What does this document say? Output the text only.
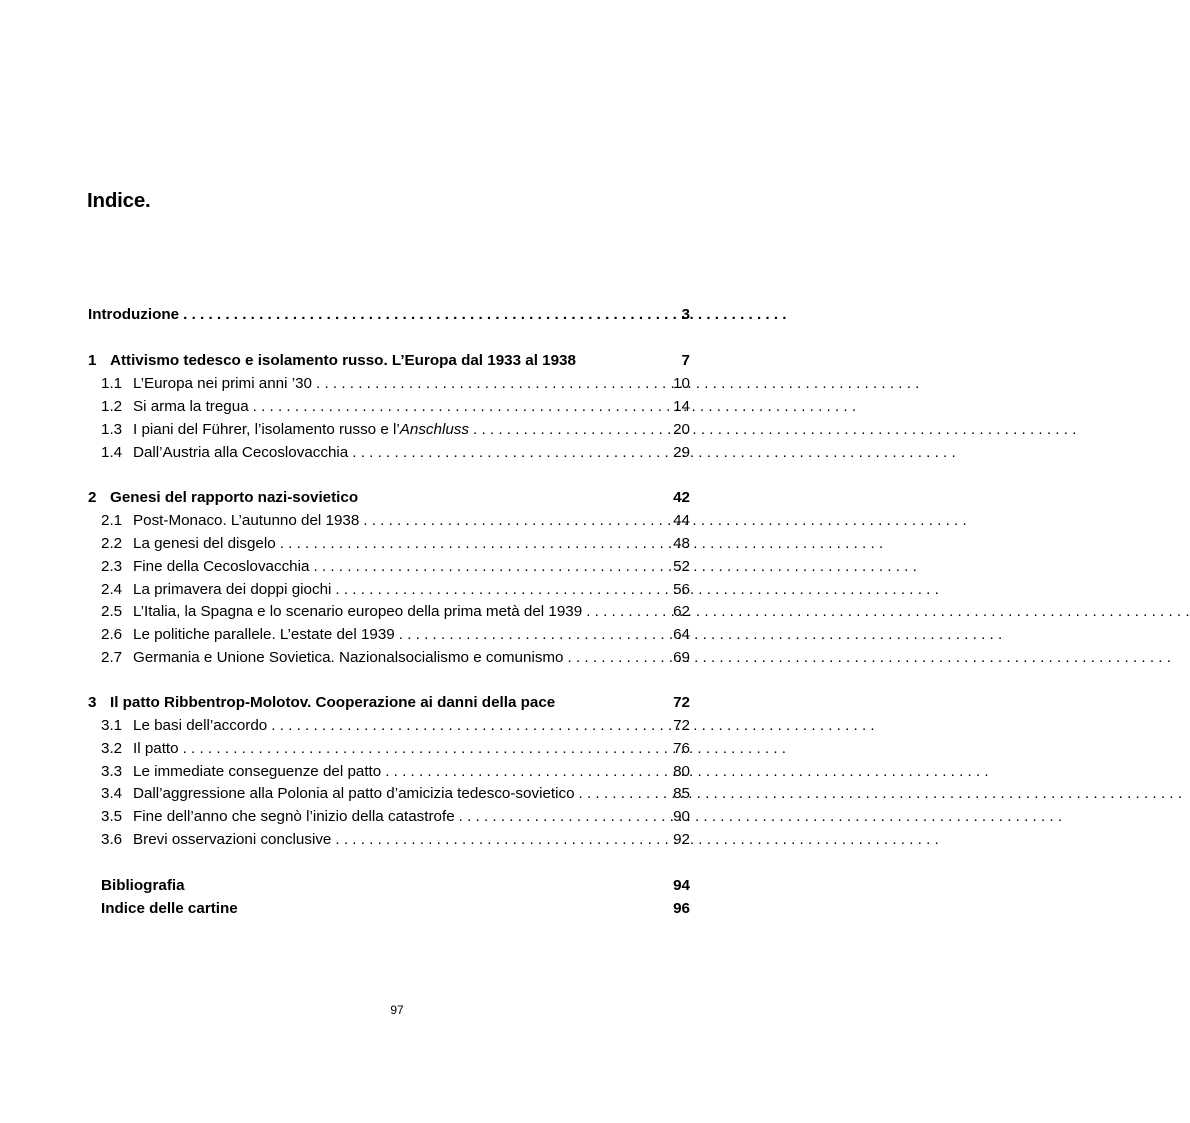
Indice.
Introduzione . . .	3
1 Attivismo tedesco e isolamento russo. L’Europa dal 1933 al 1938	7
1.1 L’Europa nei primi anni ’30 . . .	10
1.2 Si arma la tregua . . .	14
1.3 I piani del Führer, l’isolamento russo e l’Anschluss . . .	20
1.4 Dall’Austria alla Cecoslovacchia . . .	29
2 Genesi del rapporto nazi-sovietico	42
2.1 Post-Monaco. L’autunno del 1938 . . .	44
2.2 La genesi del disgelo . . .	48
2.3 Fine della Cecoslovacchia . . .	52
2.4 La primavera dei doppi giochi . . .	56
2.5 L’Italia, la Spagna e lo scenario europeo della prima metà del 1939 . . .	62
2.6 Le politiche parallele. L’estate del 1939 . . .	64
2.7 Germania e Unione Sovietica. Nazionalsocialismo e comunismo . . .	69
3 Il patto Ribbentrop-Molotov. Cooperazione ai danni della pace	72
3.1 Le basi dell’accordo . . .	72
3.2 Il patto . . .	76
3.3 Le immediate conseguenze del patto . . .	80
3.4 Dall’aggressione alla Polonia al patto d’amicizia tedesco-sovietico . . .	85
3.5 Fine dell’anno che segnò l’inizio della catastrofe . . .	90
3.6 Brevi osservazioni conclusive . . .	92
Bibliografia	94
Indice delle cartine	96
97
